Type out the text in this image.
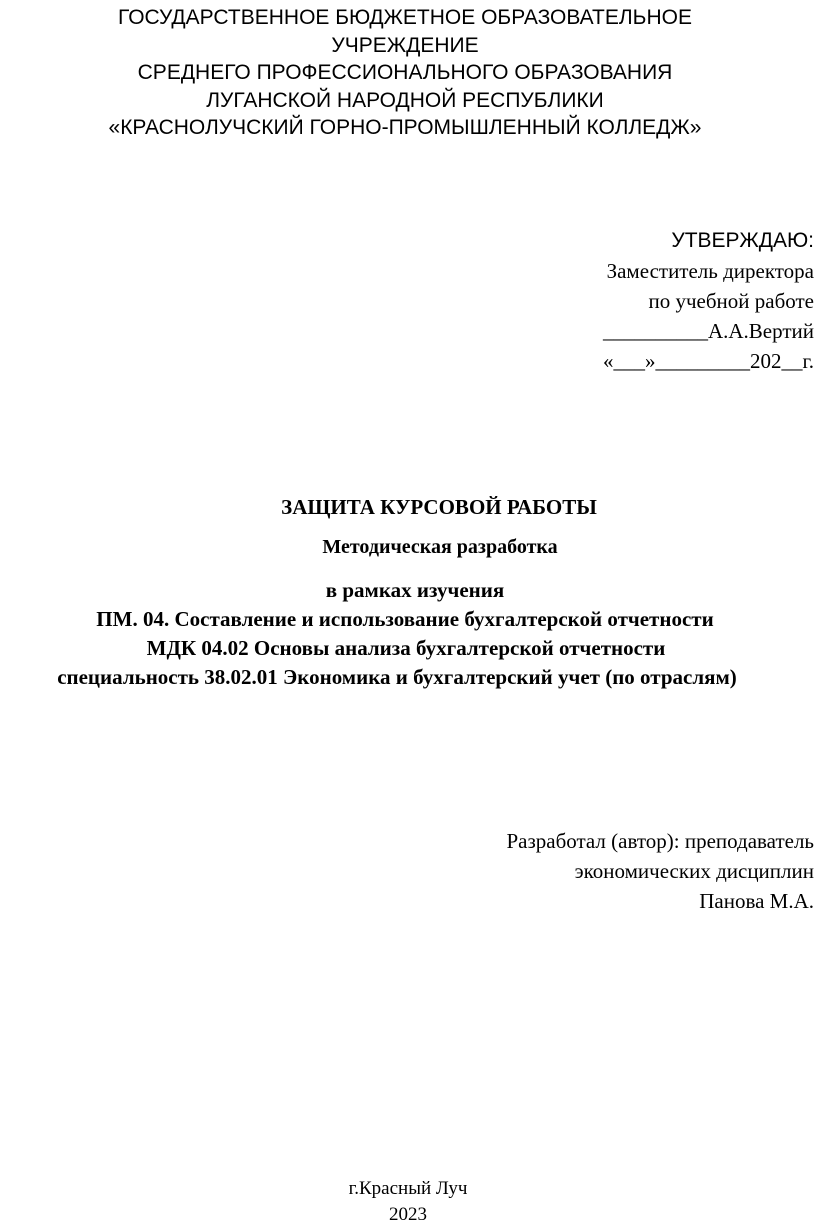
ГОСУДАРСТВЕННОЕ БЮДЖЕТНОЕ ОБРАЗОВАТЕЛЬНОЕ
УЧРЕЖДЕНИЕ
СРЕДНЕГО ПРОФЕССИОНАЛЬНОГО ОБРАЗОВАНИЯ
ЛУГАНСКОЙ НАРОДНОЙ РЕСПУБЛИКИ
«КРАСНОЛУЧСКИЙ ГОРНО-ПРОМЫШЛЕННЫЙ КОЛЛЕДЖ»
УТВЕРЖДАЮ:
Заместитель директора
по учебной работе
__________А.А.Вертий
«___»_________202__г.
ЗАЩИТА КУРСОВОЙ РАБОТЫ
Методическая разработка
в рамках изучения
ПМ. 04. Составление и использование бухгалтерской отчетности
МДК 04.02 Основы анализа бухгалтерской отчетности
специальность 38.02.01 Экономика и бухгалтерский учет (по отраслям)
Разработал (автор): преподаватель
экономических дисциплин
Панова М.А.
г.Красный Луч
2023
